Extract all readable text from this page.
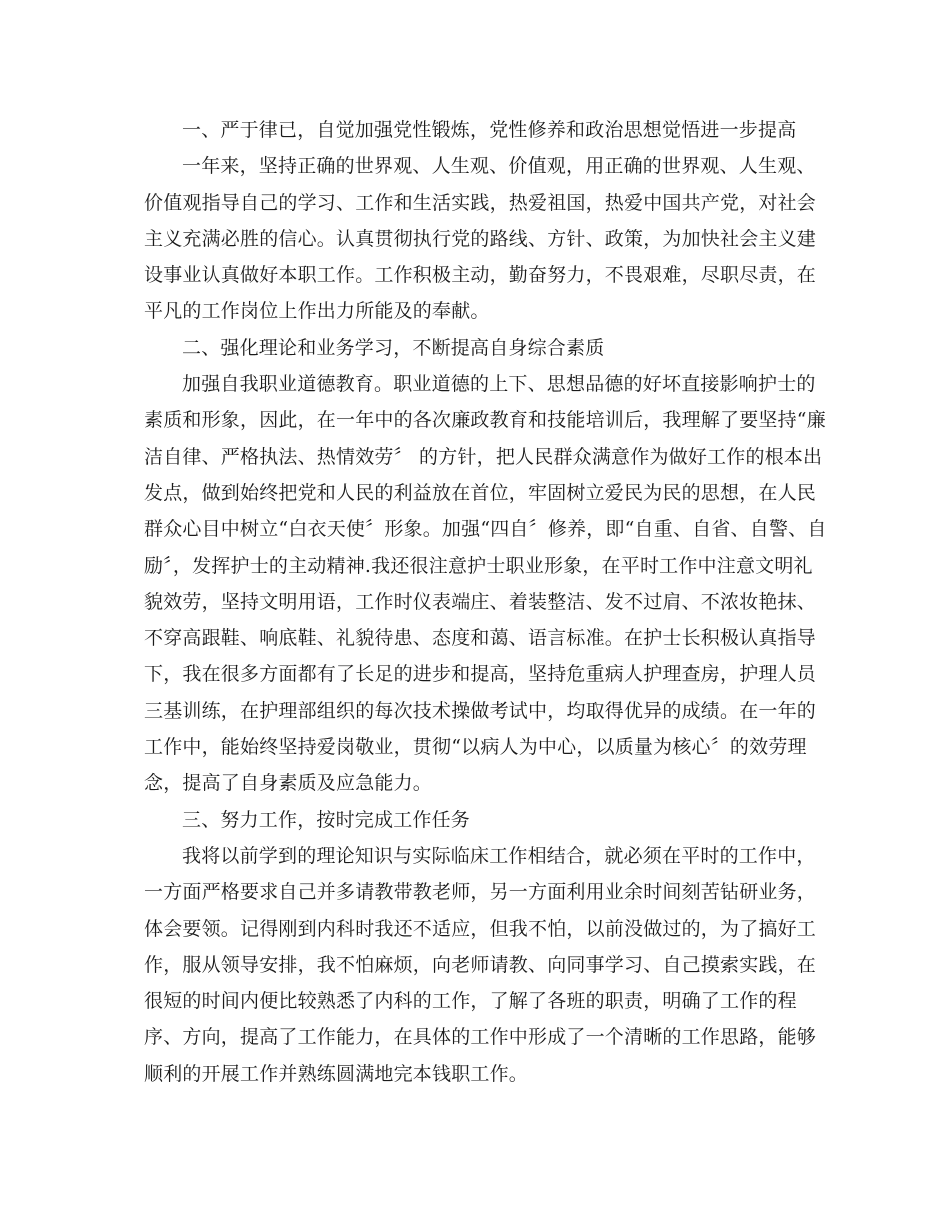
一、严于律已，自觉加强党性锻炼，党性修养和政治思想觉悟进一步提高

一年来，坚持正确的世界观、人生观、价值观，用正确的世界观、人生观、
价值观指导自己的学习、工作和生活实践，热爱祖国，热爱中国共产党，对社会
主义充满必胜的信心。认真贯彻执行党的路线、方针、政策，为加快社会主义建
设事业认真做好本职工作。工作积极主动，勤奋努力，不畏艰难，尽职尽责，在
平凡的工作岗位上作出力所能及的奉献。

二、强化理论和业务学习，不断提高自身综合素质

加强自我职业道德教育。职业道德的上下、思想品德的好坏直接影响护士的
素质和形象，因此，在一年中的各次廉政教育和技能培训后，我理解了要坚持“廉
洁自律、严格执法、热情效劳〞 的方针，把人民群众满意作为做好工作的根本出
发点，做到始终把党和人民的利益放在首位，牢固树立爱民为民的思想，在人民
群众心目中树立“白衣天使〞形象。加强“四自〞修养，即“自重、自省、自警、自
励〞，发挥护士的主动精神.我还很注意护士职业形象，在平时工作中注意文明礼
貌效劳，坚持文明用语，工作时仪表端庄、着装整洁、发不过肩、不浓妆艳抹、
不穿高跟鞋、响底鞋、礼貌待患、态度和蔼、语言标准。在护士长积极认真指导
下，我在很多方面都有了长足的进步和提高，坚持危重病人护理查房，护理人员
三基训练，在护理部组织的每次技术操做考试中，均取得优异的成绩。在一年的
工作中，能始终坚持爱岗敬业，贯彻“以病人为中心，以质量为核心〞的效劳理
念，提高了自身素质及应急能力。

三、努力工作，按时完成工作任务

我将以前学到的理论知识与实际临床工作相结合，就必须在平时的工作中，
一方面严格要求自己并多请教带教老师，另一方面利用业余时间刻苦钻研业务，
体会要领。记得刚到内科时我还不适应，但我不怕，以前没做过的，为了搞好工
作，服从领导安排，我不怕麻烦，向老师请教、向同事学习、自己摸索实践，在
很短的时间内便比较熟悉了内科的工作，了解了各班的职责，明确了工作的程
序、方向，提高了工作能力，在具体的工作中形成了一个清晰的工作思路，能够
顺利的开展工作并熟练圆满地完本钱职工作。
